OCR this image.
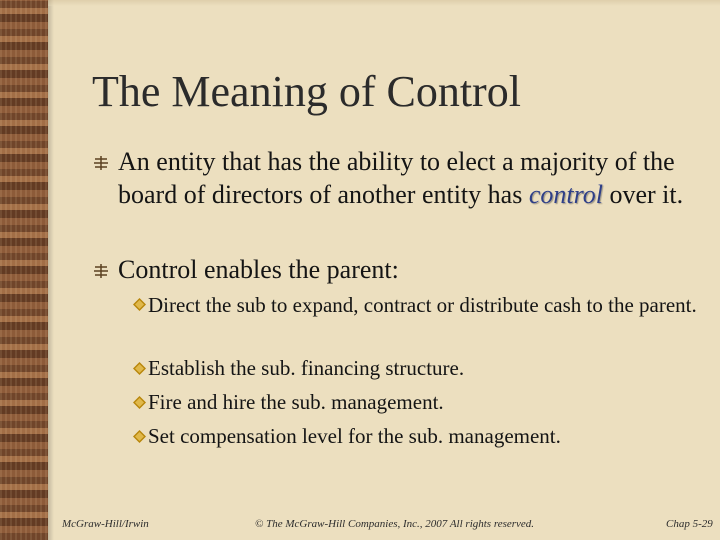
The Meaning of Control
An entity that has the ability to elect a majority of the board of directors of another entity has control over it.
Control enables the parent:
Direct the sub to expand, contract or distribute cash to the parent.
Establish the sub. financing structure.
Fire and hire the sub. management.
Set compensation level for the sub. management.
McGraw-Hill/Irwin	© The McGraw-Hill Companies, Inc., 2007 All rights reserved.	Chap 5-29
